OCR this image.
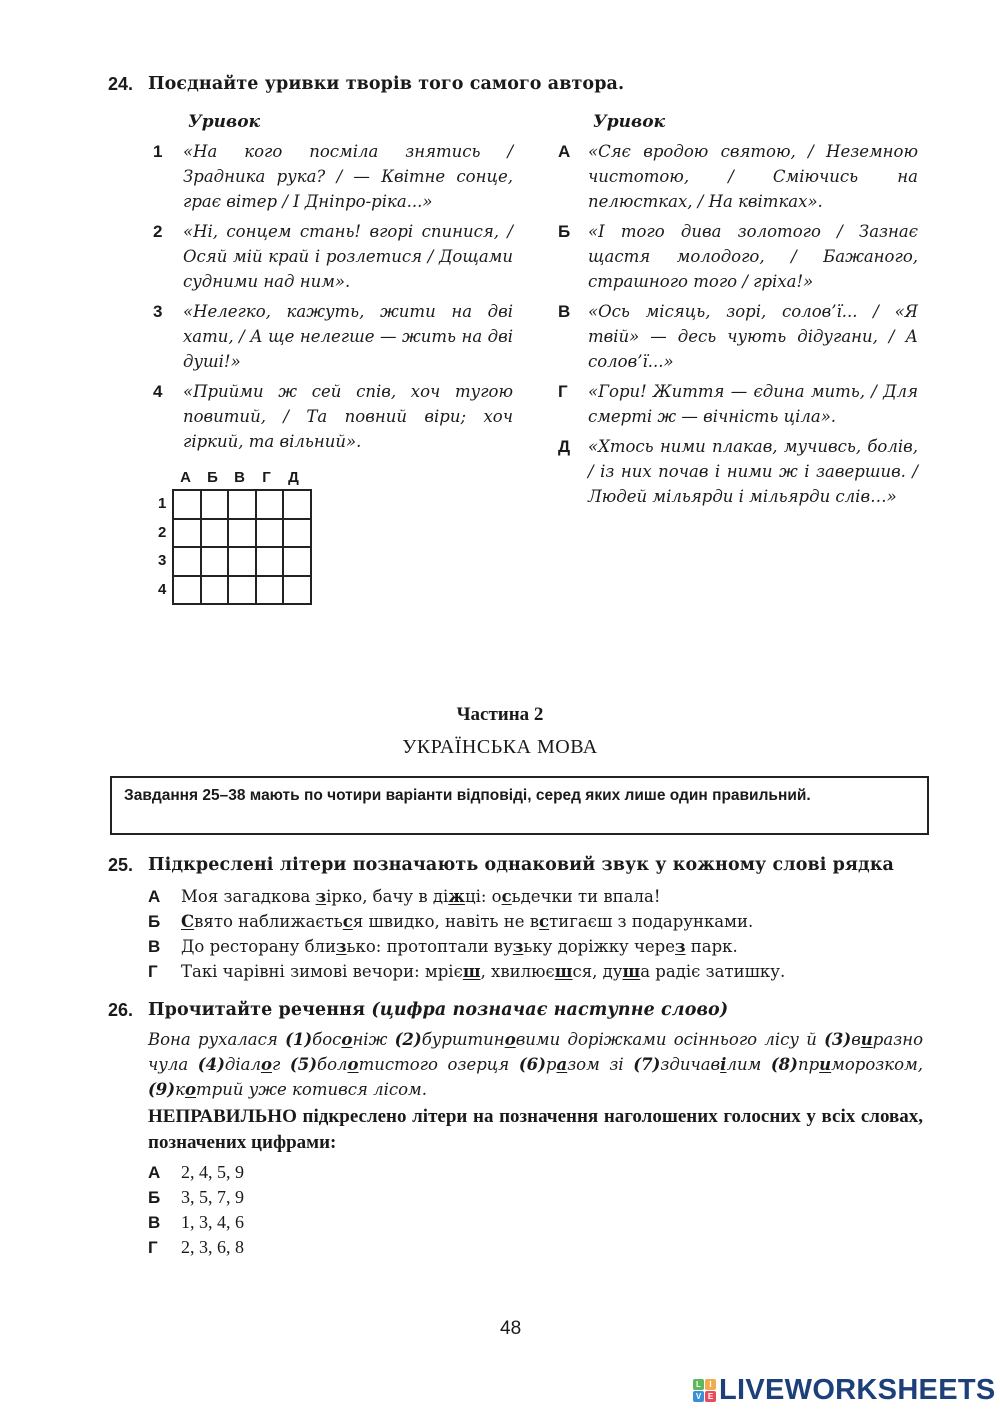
24. Поєднайте уривки творів того самого автора.
Уривок	Уривок
1	«На кого посміла знятись / Зрадника рука? / — Квітне сонце, грає вітер / І Дніпро-ріка...»
2	«Ні, сонцем стань! вгорі спинися, / Осяй мій край і розлетися / Дощами судними над ним».
3	«Нелегко, кажуть, жити на дві хати, / А ще нелегше — жить на дві душі!»
4	«Прийми ж сей спів, хоч тугою повитий, / Та повний віри; хоч гіркий, та вільний».
А	«Сяє вродою святою, / Неземною чистотою, / Сміючись на пелюстках, / На квітках».
Б	«І того дива золотого / Зазнає щастя молодого, / Бажаного, страшного того / гріха!»
В	«Ось місяць, зорі, солов’ї... / «Я твій» — десь чують дідугани, / А солов’ї...»
Г	«Гори! Життя — єдина мить, / Для смерті ж — вічність ціла».
Д	«Хтось ними плакав, мучивсь, болів, / із них почав і ними ж і завершив. / Людей мільярди і мільярди слів…»
А Б В Г Д
1
2
3
4

Частина 2
УКРАЇНСЬКА МОВА
Завдання 25–38 мають по чотири варіанти відповіді, серед яких лише один правильний.
25. Підкреслені літери позначають однаковий звук у кожному слові рядка
А	Моя загадкова зірко, бачу в діжці: осьдечки ти впала!
Б	Свято наближається швидко, навіть не встигаєш з подарунками.
В	До ресторану близько: протоптали вузьку доріжку через парк.
Г	Такі чарівні зимові вечори: мрієш, хвилюєшся, душа радіє затишку.
26. Прочитайте речення (цифра позначає наступне слово)
Вона рухалася (1)босоніж (2)бурштиновими доріжками осіннього лісу й (3)виразно чула (4)діалог (5)болотистого озерця (6)разом зі (7)здичавілим (8)приморозком, (9)котрий уже котився лісом.
НЕПРАВИЛЬНО підкреслено літери на позначення наголошених голосних у всіх словах, позначених цифрами:
А	2, 4, 5, 9
Б	3, 5, 7, 9
В	1, 3, 4, 6
Г	2, 3, 6, 8
48
L	I
V E LIVEWORKSHEETS
